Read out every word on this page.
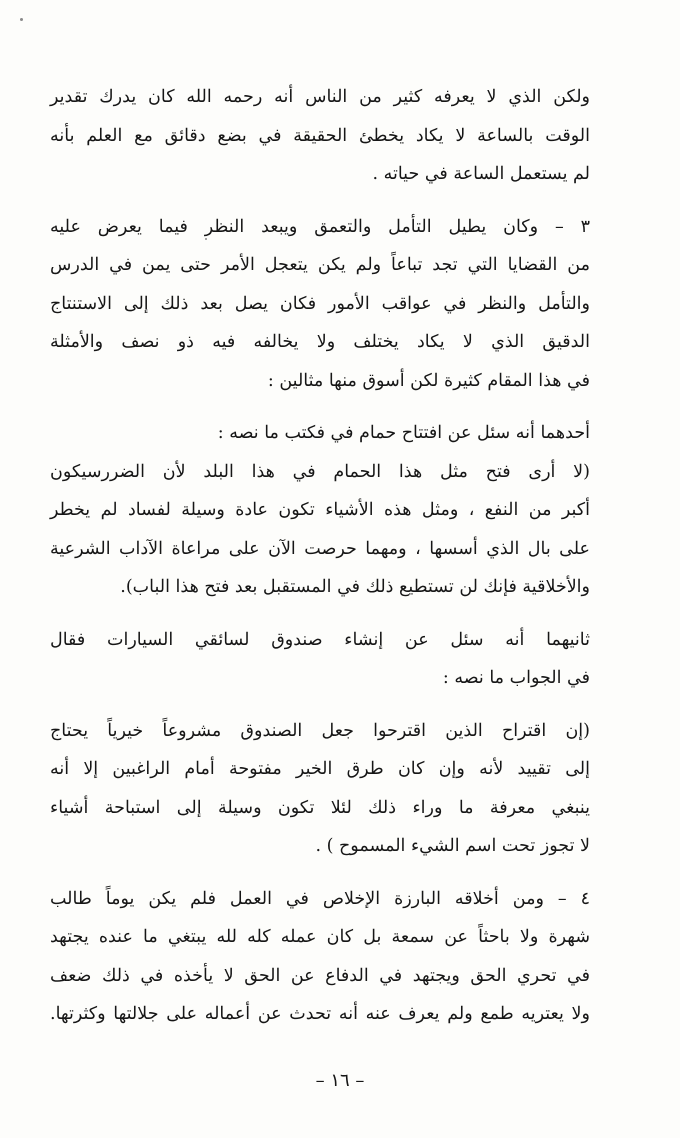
ولكن الذي لا يعرفه كثير من الناس أنه رحمه الله كان يدرك تقدير
الوقت بالساعة لا يكاد يخطئ الحقيقة في بضع دقائق مع العلم بأنه
لم يستعمل الساعة في حياته .
٣ – وكان يطيل التأمل والتعمق ويبعد النظر فيما يعرض عليه
من القضايا التي تجد تباعاً ولم يكن يتعجل الأمر حتى يمن في الدرس
والتأمل والنظر في عواقب الأمور فكان يصل بعد ذلك إلى الاستنتاج
الدقيق الذي لا يكاد يختلف ولا يخالفه فيه ذو نصف والأمثلة
في هذا المقام كثيرة لكن أسوق منها مثالين :
أحدهما أنه سئل عن افتتاح حمام في فكتب ما نصه :
(لا أرى فتح مثل هذا الحمام في هذا البلد لأن الضررسيكون
أكبر من النفع ، ومثل هذه الأشياء تكون عادة وسيلة لفساد لم يخطر
على بال الذي أسسها ، ومهما حرصت الآن على مراعاة الآداب الشرعية
والأخلاقية فإنك لن تستطيع ذلك في المستقبل بعد فتح هذا الباب).
ثانيهما أنه سئل عن إنشاء صندوق لسائقي السيارات فقال
في الجواب ما نصه :
(إن اقتراح الذين اقترحوا جعل الصندوق مشروعاً خيرياً يحتاج
إلى تقييد لأنه وإن كان طرق الخير مفتوحة أمام الراغبين إلا أنه
ينبغي معرفة ما وراء ذلك لئلا تكون وسيلة إلى استباحة أشياء
لا تجوز تحت اسم الشيء المسموح ) .
٤ – ومن أخلاقه البارزة الإخلاص في العمل فلم يكن يوماً طالب
شهرة ولا باحثاً عن سمعة بل كان عمله كله لله يبتغي ما عنده يجتهد
في تحري الحق ويجتهد في الدفاع عن الحق لا يأخذه في ذلك ضعف
ولا يعتريه طمع ولم يعرف عنه أنه تحدث عن أعماله على جلالتها وكثرتها.
– ١٦ –
